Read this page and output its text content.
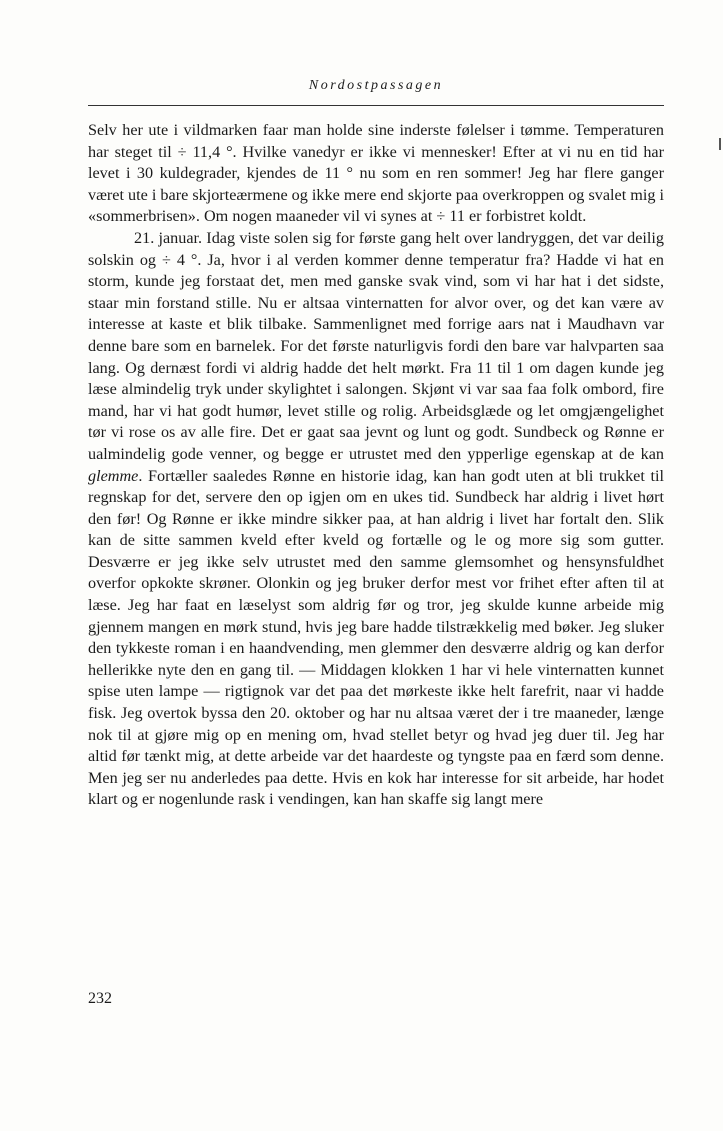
Nordostpassagen

Selv her ute i vildmarken faar man holde sine inderste følelser i tømme. Temperaturen har steget til ÷ 11,4 °. Hvilke vanedyr er ikke vi mennesker! Efter at vi nu en tid har levet i 30 kuldegrader, kjendes de 11 ° nu som en ren sommer! Jeg har flere ganger været ute i bare skjorteærmene og ikke mere end skjorte paa overkroppen og svalet mig i «sommerbrisen». Om nogen maaneder vil vi synes at ÷ 11 er forbistret koldt.

21. januar. Idag viste solen sig for første gang helt over landryggen, det var deilig solskin og ÷ 4 °. Ja, hvor i al verden kommer denne temperatur fra? Hadde vi hat en storm, kunde jeg forstaat det, men med ganske svak vind, som vi har hat i det sidste, staar min forstand stille. Nu er altsaa vinternatten for alvor over, og det kan være av interesse at kaste et blik tilbake. Sammenlignet med forrige aars nat i Maudhavn var denne bare som en barnelek. For det første naturligvis fordi den bare var halvparten saa lang. Og dernæst fordi vi aldrig hadde det helt mørkt. Fra 11 til 1 om dagen kunde jeg læse almindelig tryk under skylightet i salongen. Skjønt vi var saa faa folk ombord, fire mand, har vi hat godt humør, levet stille og rolig. Arbeidsglæde og let omgjængelighet tør vi rose os av alle fire. Det er gaat saa jevnt og lunt og godt. Sundbeck og Rønne er ualmindelig gode venner, og begge er utrustet med den ypperlige egenskap at de kan glemme. Fortæller saaledes Rønne en historie idag, kan han godt uten at bli trukket til regnskap for det, servere den op igjen om en ukes tid. Sundbeck har aldrig i livet hørt den før! Og Rønne er ikke mindre sikker paa, at han aldrig i livet har fortalt den. Slik kan de sitte sammen kveld efter kveld og fortælle og le og more sig som gutter. Desværre er jeg ikke selv utrustet med den samme glemsomhet og hensynsfuldhet overfor opkokte skrøner. Olonkin og jeg bruker derfor mest vor frihet efter aften til at læse. Jeg har faat en læselyst som aldrig før og tror, jeg skulde kunne arbeide mig gjennem mangen en mørk stund, hvis jeg bare hadde tilstrækkelig med bøker. Jeg sluker den tykkeste roman i en haandvending, men glemmer den desværre aldrig og kan derfor hellerikke nyte den en gang til. — Middagen klokken 1 har vi hele vinternatten kunnet spise uten lampe — rigtignok var det paa det mørkeste ikke helt farefrit, naar vi hadde fisk. Jeg overtok byssa den 20. oktober og har nu altsaa været der i tre maaneder, længe nok til at gjøre mig op en mening om, hvad stellet betyr og hvad jeg duer til. Jeg har altid før tænkt mig, at dette arbeide var det haardeste og tyngste paa en færd som denne. Men jeg ser nu anderledes paa dette. Hvis en kok har interesse for sit arbeide, har hodet klart og er nogenlunde rask i vendingen, kan han skaffe sig langt mere

232
